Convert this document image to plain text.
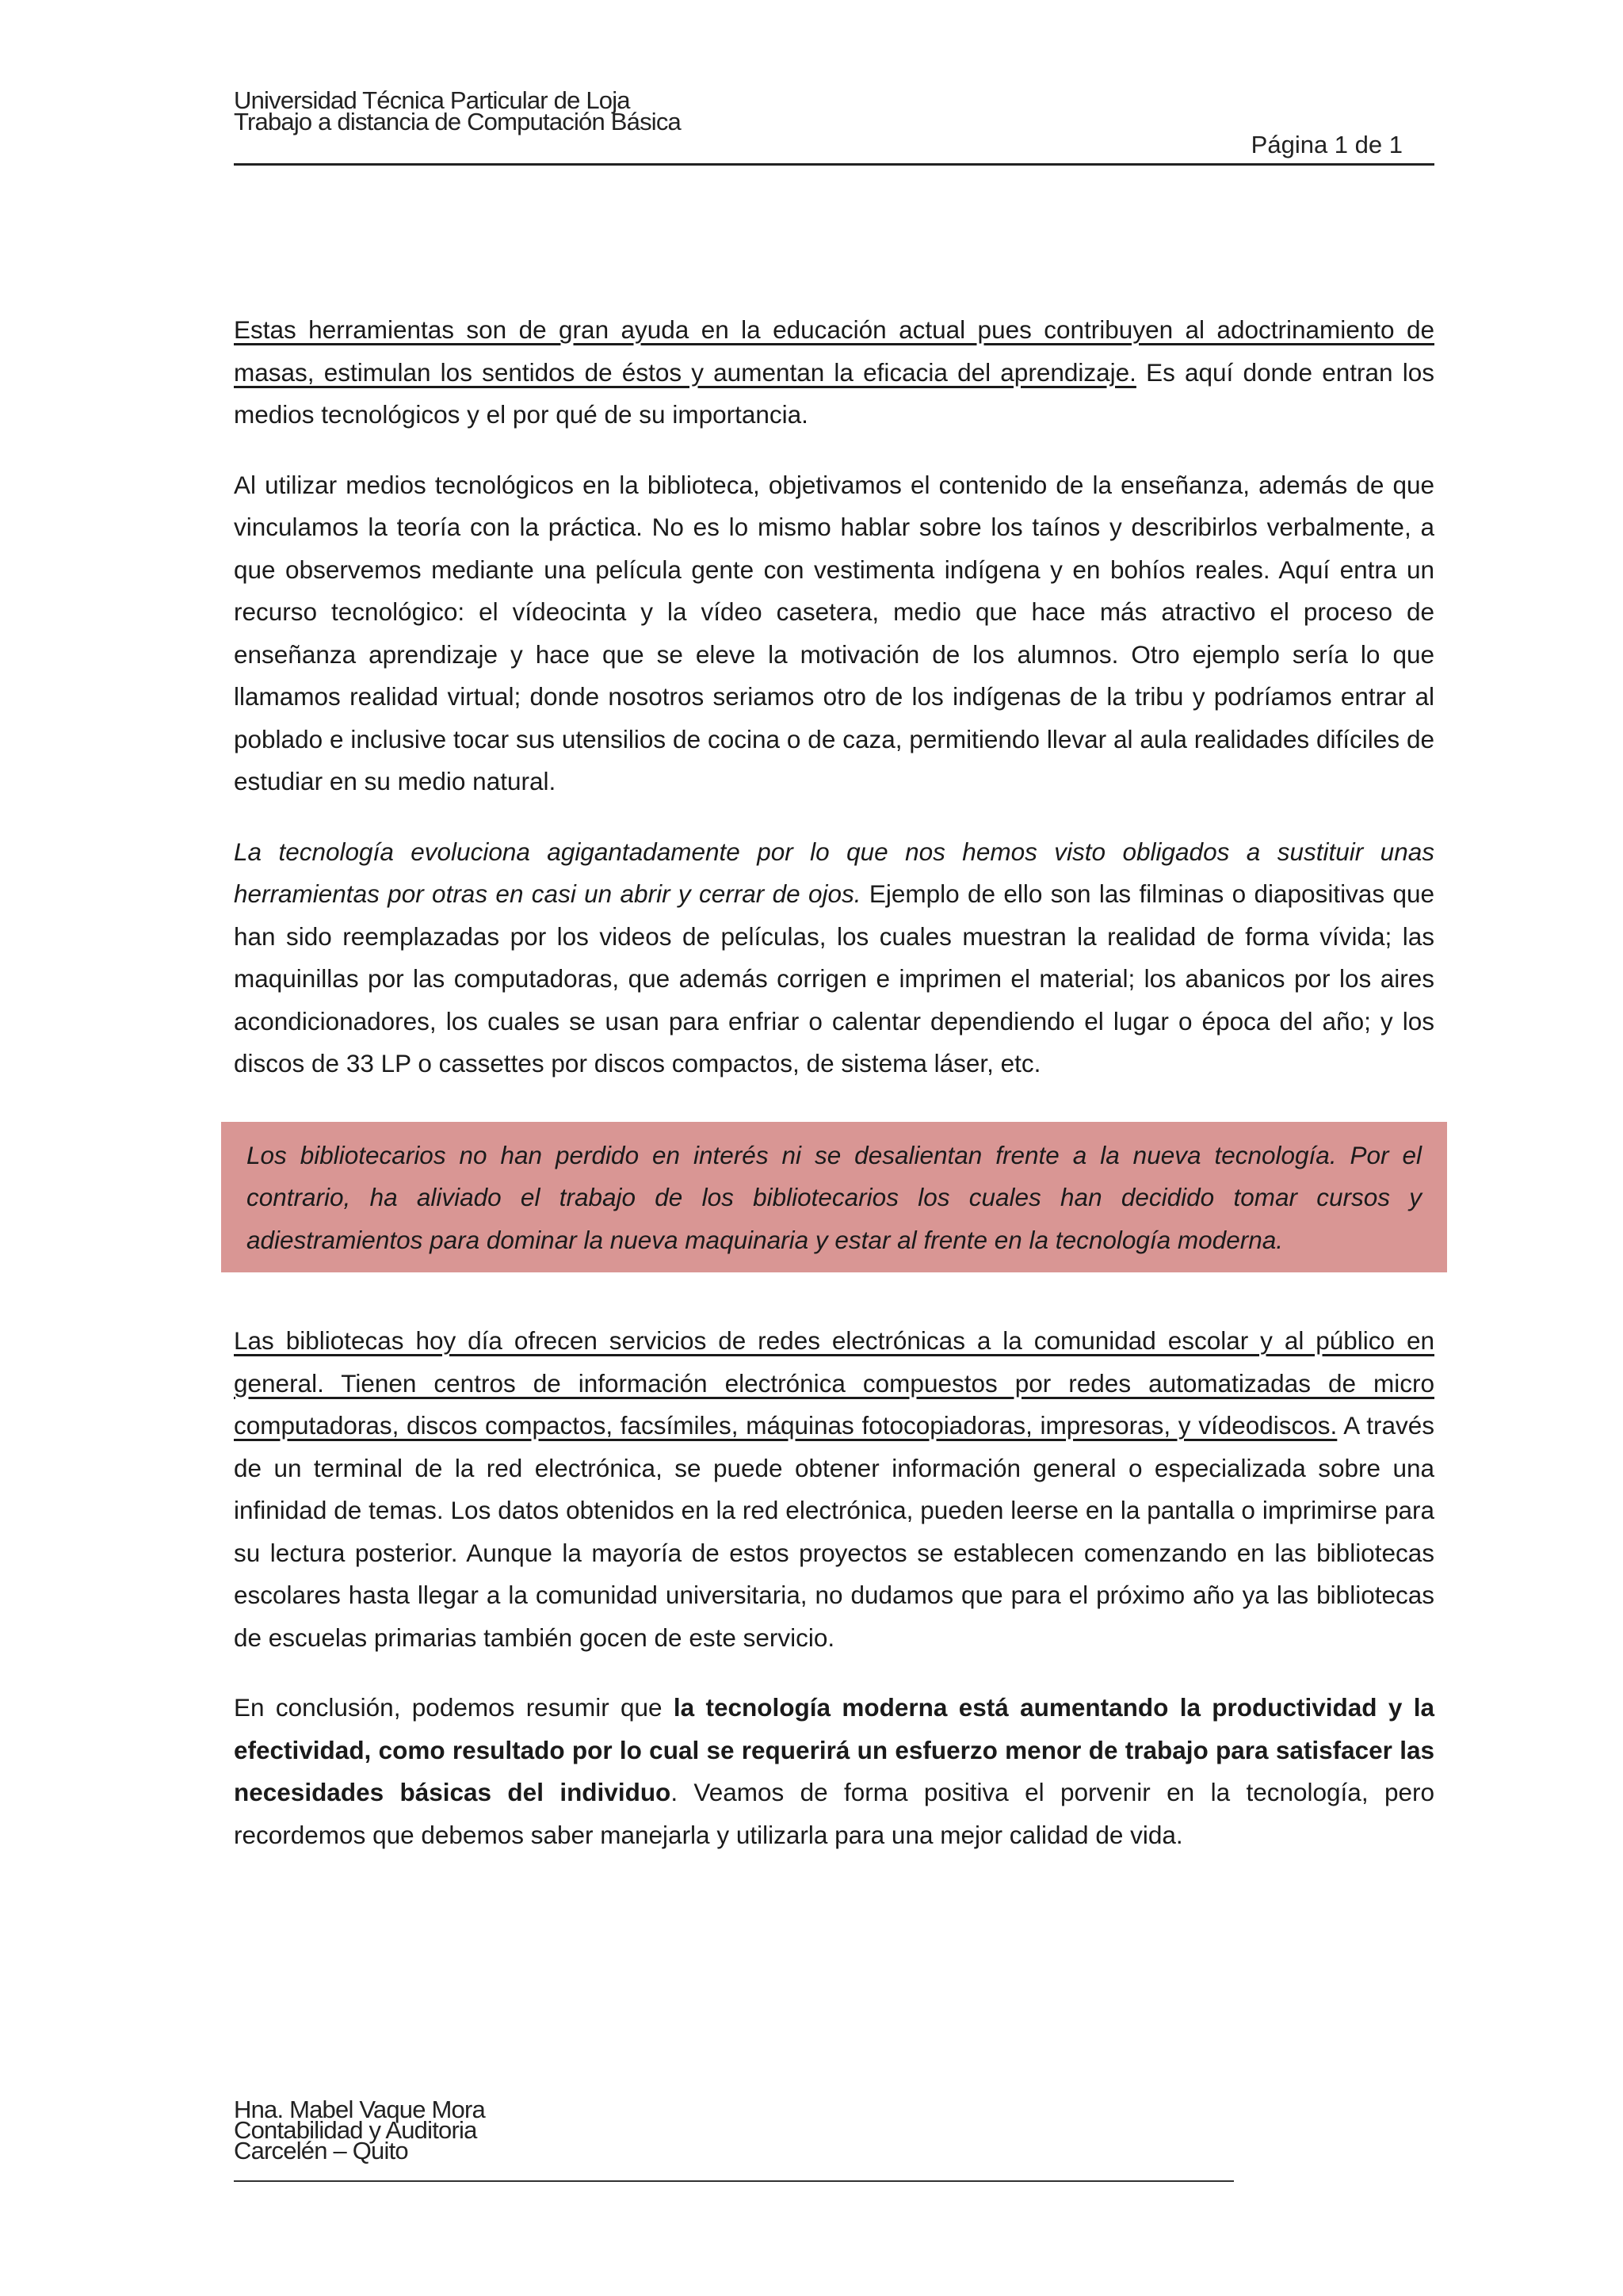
Universidad Técnica Particular de Loja
Trabajo a distancia de Computación Básica
Página 1 de 1

Estas herramientas son de gran ayuda en la educación actual pues contribuyen al adoctrinamiento de masas, estimulan los sentidos de éstos y aumentan la eficacia del aprendizaje. Es aquí donde entran los medios tecnológicos y el por qué de su importancia.

Al utilizar medios tecnológicos en la biblioteca, objetivamos el contenido de la enseñanza, además de que vinculamos la teoría con la práctica. No es lo mismo hablar sobre los taínos y describirlos verbalmente, a que observemos mediante una película gente con vestimenta indígena y en bohíos reales. Aquí entra un recurso tecnológico: el vídeocinta y la vídeo casetera, medio que hace más atractivo el proceso de enseñanza aprendizaje y hace que se eleve la motivación de los alumnos. Otro ejemplo sería lo que llamamos realidad virtual; donde nosotros seriamos otro de los indígenas de la tribu y podríamos entrar al poblado e inclusive tocar sus utensilios de cocina o de caza, permitiendo llevar al aula realidades difíciles de estudiar en su medio natural.

La tecnología evoluciona agigantadamente por lo que nos hemos visto obligados a sustituir unas herramientas por otras en casi un abrir y cerrar de ojos. Ejemplo de ello son las filminas o diapositivas que han sido reemplazadas por los videos de películas, los cuales muestran la realidad de forma vívida; las maquinillas por las computadoras, que además corrigen e imprimen el material; los abanicos por los aires acondicionadores, los cuales se usan para enfriar o calentar dependiendo el lugar o época del año; y los discos de 33 LP o cassettes por discos compactos, de sistema láser, etc.

Los bibliotecarios no han perdido en interés ni se desalientan frente a la nueva tecnología. Por el contrario, ha aliviado el trabajo de los bibliotecarios los cuales han decidido tomar cursos y adiestramientos para dominar la nueva maquinaria y estar al frente en la tecnología moderna.

Las bibliotecas hoy día ofrecen servicios de redes electrónicas a la comunidad escolar y al público en general. Tienen centros de información electrónica compuestos por redes automatizadas de micro computadoras, discos compactos, facsímiles, máquinas fotocopiadoras, impresoras, y vídeodiscos. A través de un terminal de la red electrónica, se puede obtener información general o especializada sobre una infinidad de temas. Los datos obtenidos en la red electrónica, pueden leerse en la pantalla o imprimirse para su lectura posterior. Aunque la mayoría de estos proyectos se establecen comenzando en las bibliotecas escolares hasta llegar a la comunidad universitaria, no dudamos que para el próximo año ya las bibliotecas de escuelas primarias también gocen de este servicio.

En conclusión, podemos resumir que la tecnología moderna está aumentando la productividad y la efectividad, como resultado por lo cual se requerirá un esfuerzo menor de trabajo para satisfacer las necesidades básicas del individuo. Veamos de forma positiva el porvenir en la tecnología, pero recordemos que debemos saber manejarla y utilizarla para una mejor calidad de vida.

Hna. Mabel Vaque Mora
Contabilidad y Auditoria
Carcelén – Quito
